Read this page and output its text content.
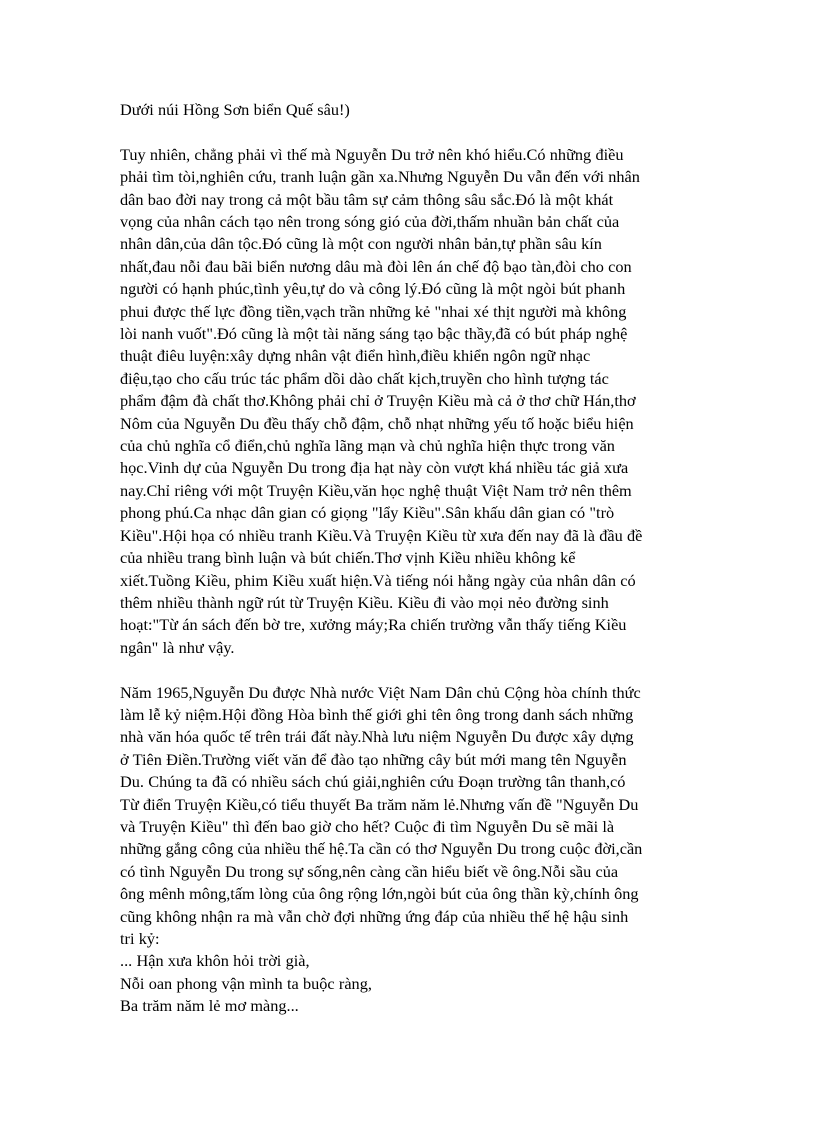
Dưới núi Hồng Sơn biển Quế sâu!)

Tuy nhiên, chẳng phải vì thế mà Nguyễn Du trở nên khó hiểu.Có những điều
phải tìm tòi,nghiên cứu, tranh luận gần xa.Nhưng Nguyễn Du vẫn đến với nhân
dân bao đời nay trong cả một bầu tâm sự cảm thông sâu sắc.Đó là một khát
vọng của nhân cách tạo nên trong sóng gió của đời,thấm nhuần bản chất của
nhân dân,của dân tộc.Đó cũng là một con người nhân bản,tự phần sâu kín
nhất,đau nỗi đau bãi biển nương dâu mà đòi lên án chế độ bạo tàn,đòi cho con
người có hạnh phúc,tình yêu,tự do và công lý.Đó cũng là một ngòi bút phanh
phui được thế lực đồng tiền,vạch trần những kẻ "nhai xé thịt người mà không
lòi nanh vuốt".Đó cũng là một tài năng sáng tạo bậc thầy,đã có bút pháp nghệ
thuật điêu luyện:xây dựng nhân vật điển hình,điều khiển ngôn ngữ nhạc
điệu,tạo cho cấu trúc tác phẩm dồi dào chất kịch,truyền cho hình tượng tác
phẩm đậm đà chất thơ.Không phải chỉ ở Truyện Kiều mà cả ở thơ chữ Hán,thơ
Nôm của Nguyễn Du đều thấy chỗ đậm, chỗ nhạt những yếu tố hoặc biểu hiện
của chủ nghĩa cổ điển,chủ nghĩa lãng mạn và chủ nghĩa hiện thực trong văn
học.Vinh dự của Nguyễn Du trong địa hạt này còn vượt khá nhiều tác giả xưa
nay.Chỉ riêng với một Truyện Kiều,văn học nghệ thuật Việt Nam trở nên thêm
phong phú.Ca nhạc dân gian có giọng "lẩy Kiều".Sân khấu dân gian có "trò
Kiều".Hội họa có nhiều tranh Kiều.Và Truyện Kiều từ xưa đến nay đã là đầu đề
của nhiều trang bình luận và bút chiến.Thơ vịnh Kiều nhiều không kể
xiết.Tuồng Kiều, phim Kiều xuất hiện.Và tiếng nói hằng ngày của nhân dân có
thêm nhiều thành ngữ rút từ Truyện Kiều. Kiều đi vào mọi nẻo đường sinh
hoạt:"Từ án sách đến bờ tre, xưởng máy;Ra chiến trường vẫn thấy tiếng Kiều
ngân" là như vậy.

Năm 1965,Nguyễn Du được Nhà nước Việt Nam Dân chủ Cộng hòa chính thức
làm lễ kỷ niệm.Hội đồng Hòa bình thế giới ghi tên ông trong danh sách những
nhà văn hóa quốc tế trên trái đất này.Nhà lưu niệm Nguyễn Du được xây dựng
ở Tiên Điền.Trường viết văn để đào tạo những cây bút mới mang tên Nguyễn
Du. Chúng ta đã có nhiều sách chú giải,nghiên cứu Đoạn trường tân thanh,có
Từ điển Truyện Kiều,có tiểu thuyết Ba trăm năm lẻ.Nhưng vấn đề "Nguyễn Du
và Truyện Kiều" thì đến bao giờ cho hết? Cuộc đi tìm Nguyễn Du sẽ mãi là
những gắng công của nhiều thế hệ.Ta cần có thơ Nguyễn Du trong cuộc đời,cần
có tình Nguyễn Du trong sự sống,nên càng cần hiểu biết về ông.Nỗi sầu của
ông mênh mông,tấm lòng của ông rộng lớn,ngòi bút của ông thần kỳ,chính ông
cũng không nhận ra mà vẫn chờ đợi những ứng đáp của nhiều thế hệ hậu sinh
tri kỷ:
... Hận xưa khôn hỏi trời già,
Nỗi oan phong vận mình ta buộc ràng,
Ba trăm năm lẻ mơ màng...
